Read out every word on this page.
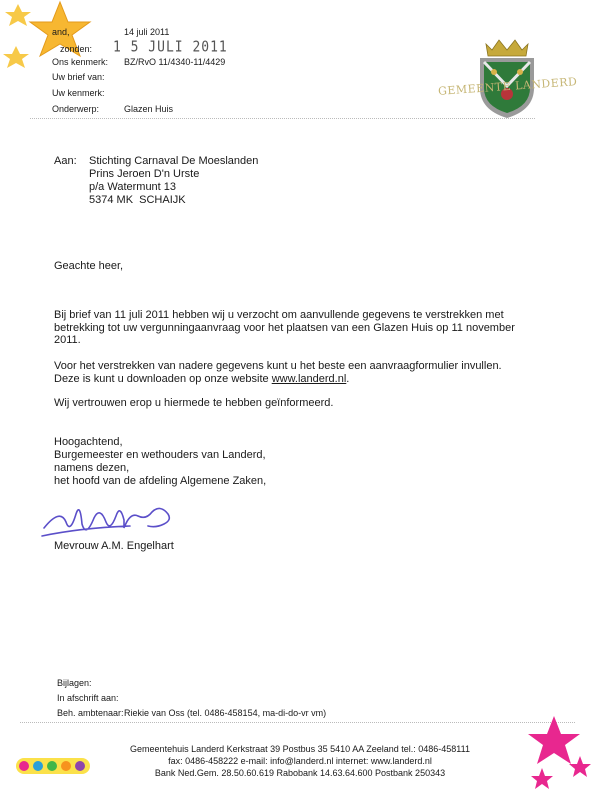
and,	14 juli 2011
zonden: 1 5 JULI 2011
Ons kenmerk: BZ/RvO 11/4340-11/4429
Uw brief van:
Uw kenmerk:
Onderwerp:	Glazen Huis
GEMEENTE LANDERD
Aan: Stichting Carnaval De Moeslanden
Prins Jeroen D'n Urste
p/a Watermunt 13
5374 MK  SCHAIJK
Geachte heer,
Bij brief van 11 juli 2011 hebben wij u verzocht om aanvullende gegevens te verstrekken met betrekking tot uw vergunningaanvraag voor het plaatsen van een Glazen Huis op 11 november 2011.
Voor het verstrekken van nadere gegevens kunt u het beste een aanvraagformulier invullen.
Deze is kunt u downloaden op onze website www.landerd.nl.
Wij vertrouwen erop u hiermede te hebben geïnformeerd.
Hoogachtend,
Burgemeester en wethouders van Landerd,
namens dezen,
het hoofd van de afdeling Algemene Zaken,
Mevrouw A.M. Engelhart
Bijlagen:
In afschrift aan:
Beh. ambtenaar: Riekie van Oss (tel. 0486-458154, ma-di-do-vr vm)
Gemeentehuis Landerd Kerkstraat 39 Postbus 35 5410 AA Zeeland tel.: 0486-458111
fax: 0486-458222 e-mail: info@landerd.nl internet: www.landerd.nl
Bank Ned.Gem. 28.50.60.619 Rabobank 14.63.64.600 Postbank 250343
